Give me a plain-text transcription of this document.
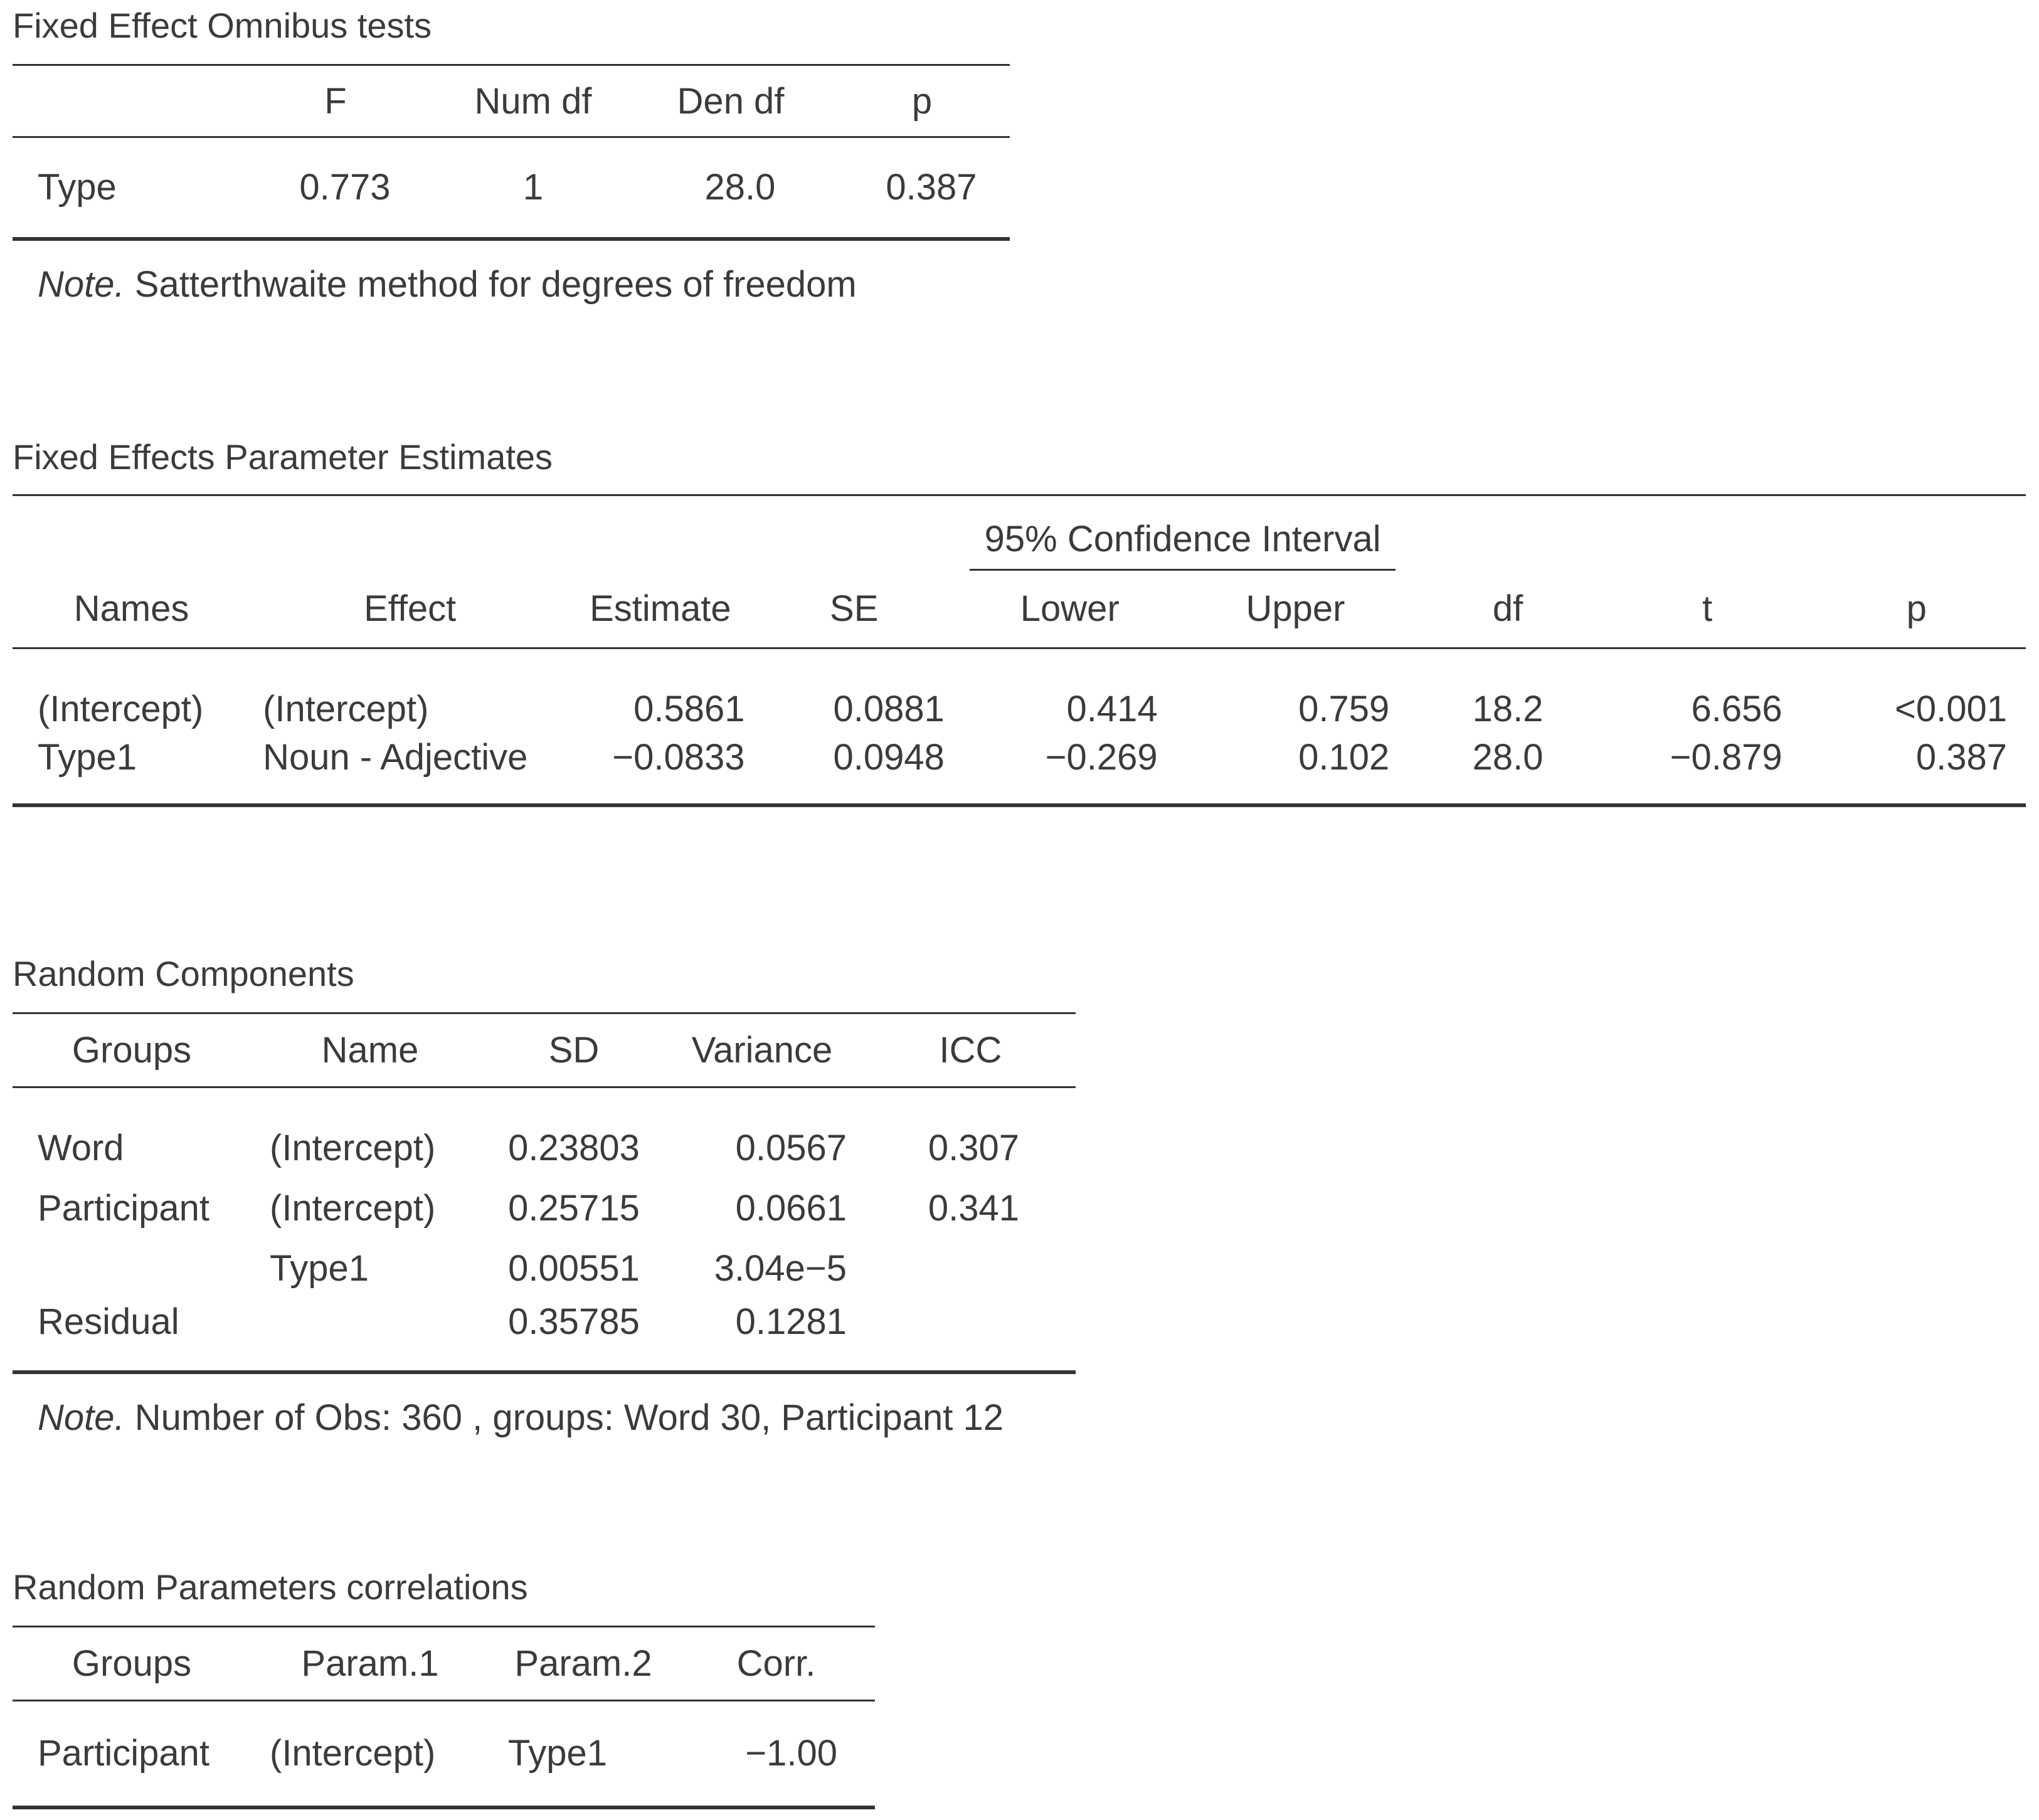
Fixed Effect Omnibus tests
	F	Num df	Den df	p
Type	0.773	1	28.0	0.387
Note. Satterthwaite method for degrees of freedom
Fixed Effects Parameter Estimates

				95% Confidence Interval				

Names	Effect	Estimate	SE	Lower	Upper	df	t	p
(Intercept)	(Intercept)	0.5861	0.0881	0.414	0.759	18.2	6.656	<0.001
Type1	Noun - Adjective	−0.0833	0.0948	−0.269	0.102	28.0	−0.879	0.387
Random Components
Groups	Name	SD	Variance	ICC
Word	(Intercept)	0.23803	0.0567	0.307
Participant	(Intercept)	0.25715	0.0661	0.341
	Type1	0.00551	3.04e−5	
Residual		0.35785	0.1281	
Note. Number of Obs: 360 , groups: Word 30, Participant 12
Random Parameters correlations
Groups	Param.1	Param.2	Corr.
Participant	(Intercept)	Type1	−1.00
